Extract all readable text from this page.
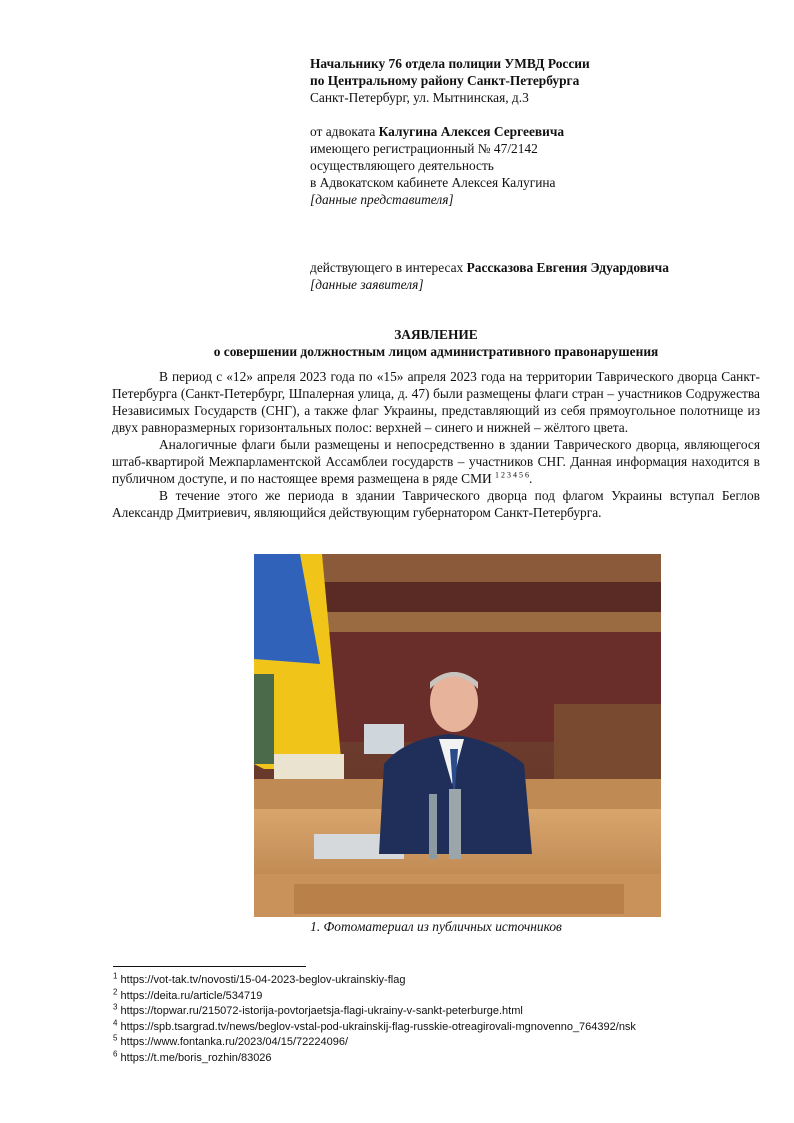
Начальнику 76 отдела полиции УМВД России
по Центральному району Санкт-Петербурга
Санкт-Петербург, ул. Мытнинская, д.3
от адвоката Калугина Алексея Сергеевича
имеющего регистрационный № 47/2142
осуществляющего деятельность
в Адвокатском кабинете Алексея Калугина
[данные представителя]
действующего в интересах Рассказова Евгения Эдуардовича
[данные заявителя]
ЗАЯВЛЕНИЕ
о совершении должностным лицом административного правонарушения

В период с «12» апреля 2023 года по «15» апреля 2023 года на территории Таврического дворца Санкт-Петербурга (Санкт-Петербург, Шпалерная улица, д. 47) были размещены флаги стран – участников Содружества Независимых Государств (СНГ), а также флаг Украины, представляющий из себя прямоугольное полотнище из двух равноразмерных горизонтальных полос: верхней – синего и нижней – жёлтого цвета.

Аналогичные флаги были размещены и непосредственно в здании Таврического дворца, являющегося штаб-квартирой Межпарламентской Ассамблеи государств – участников СНГ. Данная информация находится в публичном доступе, и по настоящее время размещена в ряде СМИ $^{1 2 3 4 5 6}$.

В течение этого же периода в здании Таврического дворца под флагом Украины вступал Беглов Александр Дмитриевич, являющийся действующим губернатором Санкт-Петербурга.

1. Фотоматериал из публичных источников
$^1$ https://vot-tak.tv/novosti/15-04-2023-beglov-ukrainskiy-flag
$^2$ https://deita.ru/article/534719
$^3$ https://topwar.ru/215072-istorija-povtorjaetsja-flagi-ukrainy-v-sankt-peterburge.html
$^4$ https://spb.tsargrad.tv/news/beglov-vstal-pod-ukrainskij-flag-russkie-otreagirovali-mgnovenno_764392/nsk
$^5$ https://www.fontanka.ru/2023/04/15/72224096/
$^6$ https://t.me/boris_rozhin/83026
